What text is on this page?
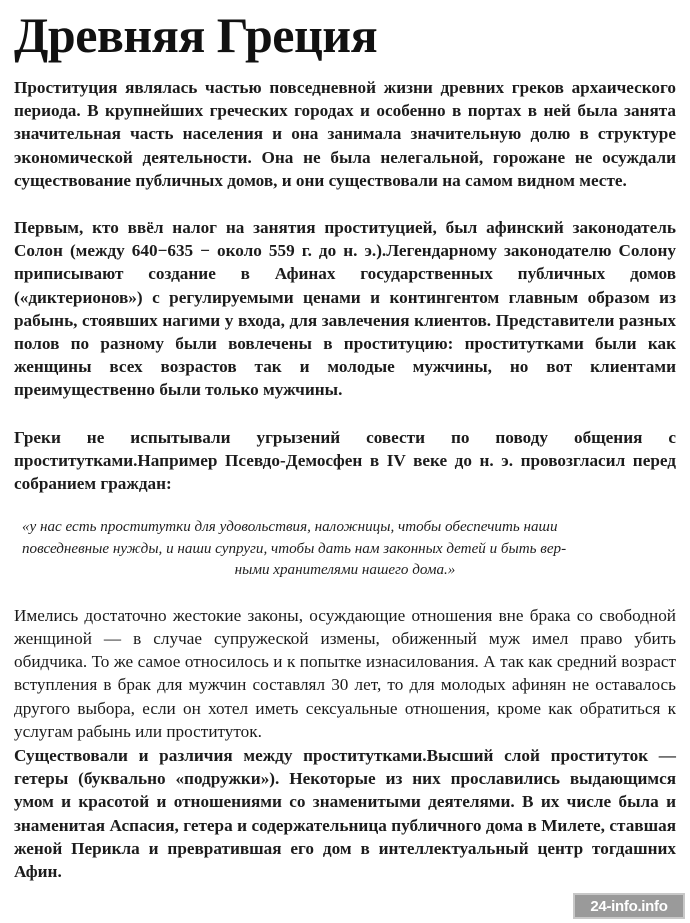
Древняя Греция

Проституция являлась частью повседневной жизни древних греков архаического периода. В крупнейших греческих городах и особенно в портах в ней была занята значительная часть населения и она занимала значительную долю в структуре экономической деятельности. Она не была нелегальной, горожане не осуждали существование публичных домов, и они существовали на самом видном месте.

Первым, кто ввёл налог на занятия проституцией, был афинский законодатель Солон (между 640−635 − около 559 г. до н. э.).Легендарному законодателю Солону приписывают создание в Афинах государственных публичных домов («диктерионов») с регулируемыми ценами и контингентом главным образом из рабынь, стоявших нагими у входа, для завлечения клиентов. Представители разных полов по разному были вовлечены в проституцию: проститутками были как женщины всех возрастов так и молодые мужчины, но вот клиентами преимущественно были только мужчины.

Греки не испытывали угрызений совести по поводу общения с проститутками.Например Псевдо-Демосфен в IV веке до н. э. провозгласил перед собранием граждан:

«у нас есть проститутки для удовольствия, наложницы, чтобы обеспечить наши
повседневные нужды, и наши супруги, чтобы дать нам законных детей и быть вер-
ными хранителями нашего дома.»

Имелись достаточно жестокие законы, осуждающие отношения вне брака со свободной женщиной — в случае супружеской измены, обиженный муж имел право убить обидчика. То же самое относилось и к попытке изнасилования. А так как средний возраст вступления в брак для мужчин составлял 30 лет, то для молодых афинян не оставалось другого выбора, если он хотел иметь сексуальные отношения, кроме как обратиться к услугам рабынь или проституток.

Существовали и различия между проститутками.Высший слой проституток — гетеры (буквально «подружки»). Некоторые из них прославились выдающимся умом и красотой и отношениями со знаменитыми деятелями. В их числе была и знаменитая Аспасия, гетера и содержательница публичного дома в Милете, ставшая женой Перикла и превратившая его дом в интеллектуальный центр тогдашних Афин.

24-info.info
